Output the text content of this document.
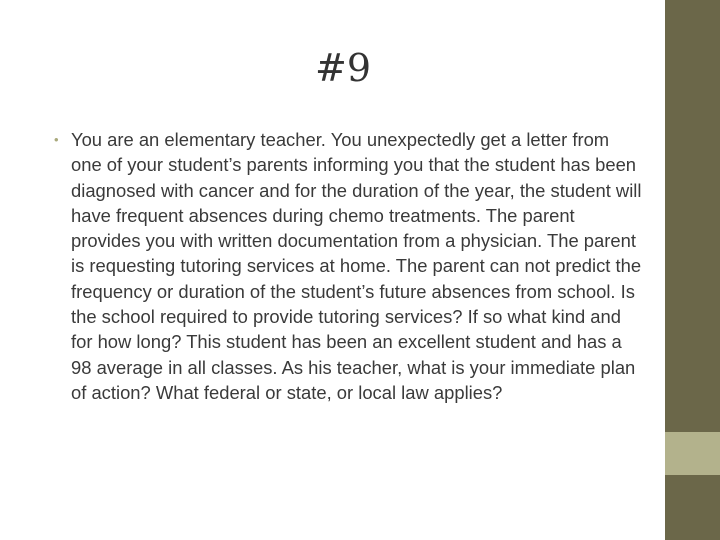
#9
• You are an elementary teacher. You unexpectedly get a letter from one of your student’s parents informing you that the student has been diagnosed with cancer and for the duration of the year, the student will have frequent absences during chemo treatments. The parent provides you with written documentation from a physician. The parent is requesting tutoring services at home. The parent can not predict the frequency or duration of the student’s future absences from school. Is the school required to provide tutoring services? If so what kind and for how long? This student has been an excellent student and has a 98 average in all classes. As his teacher, what is your immediate plan of action? What federal or state, or local law applies?
